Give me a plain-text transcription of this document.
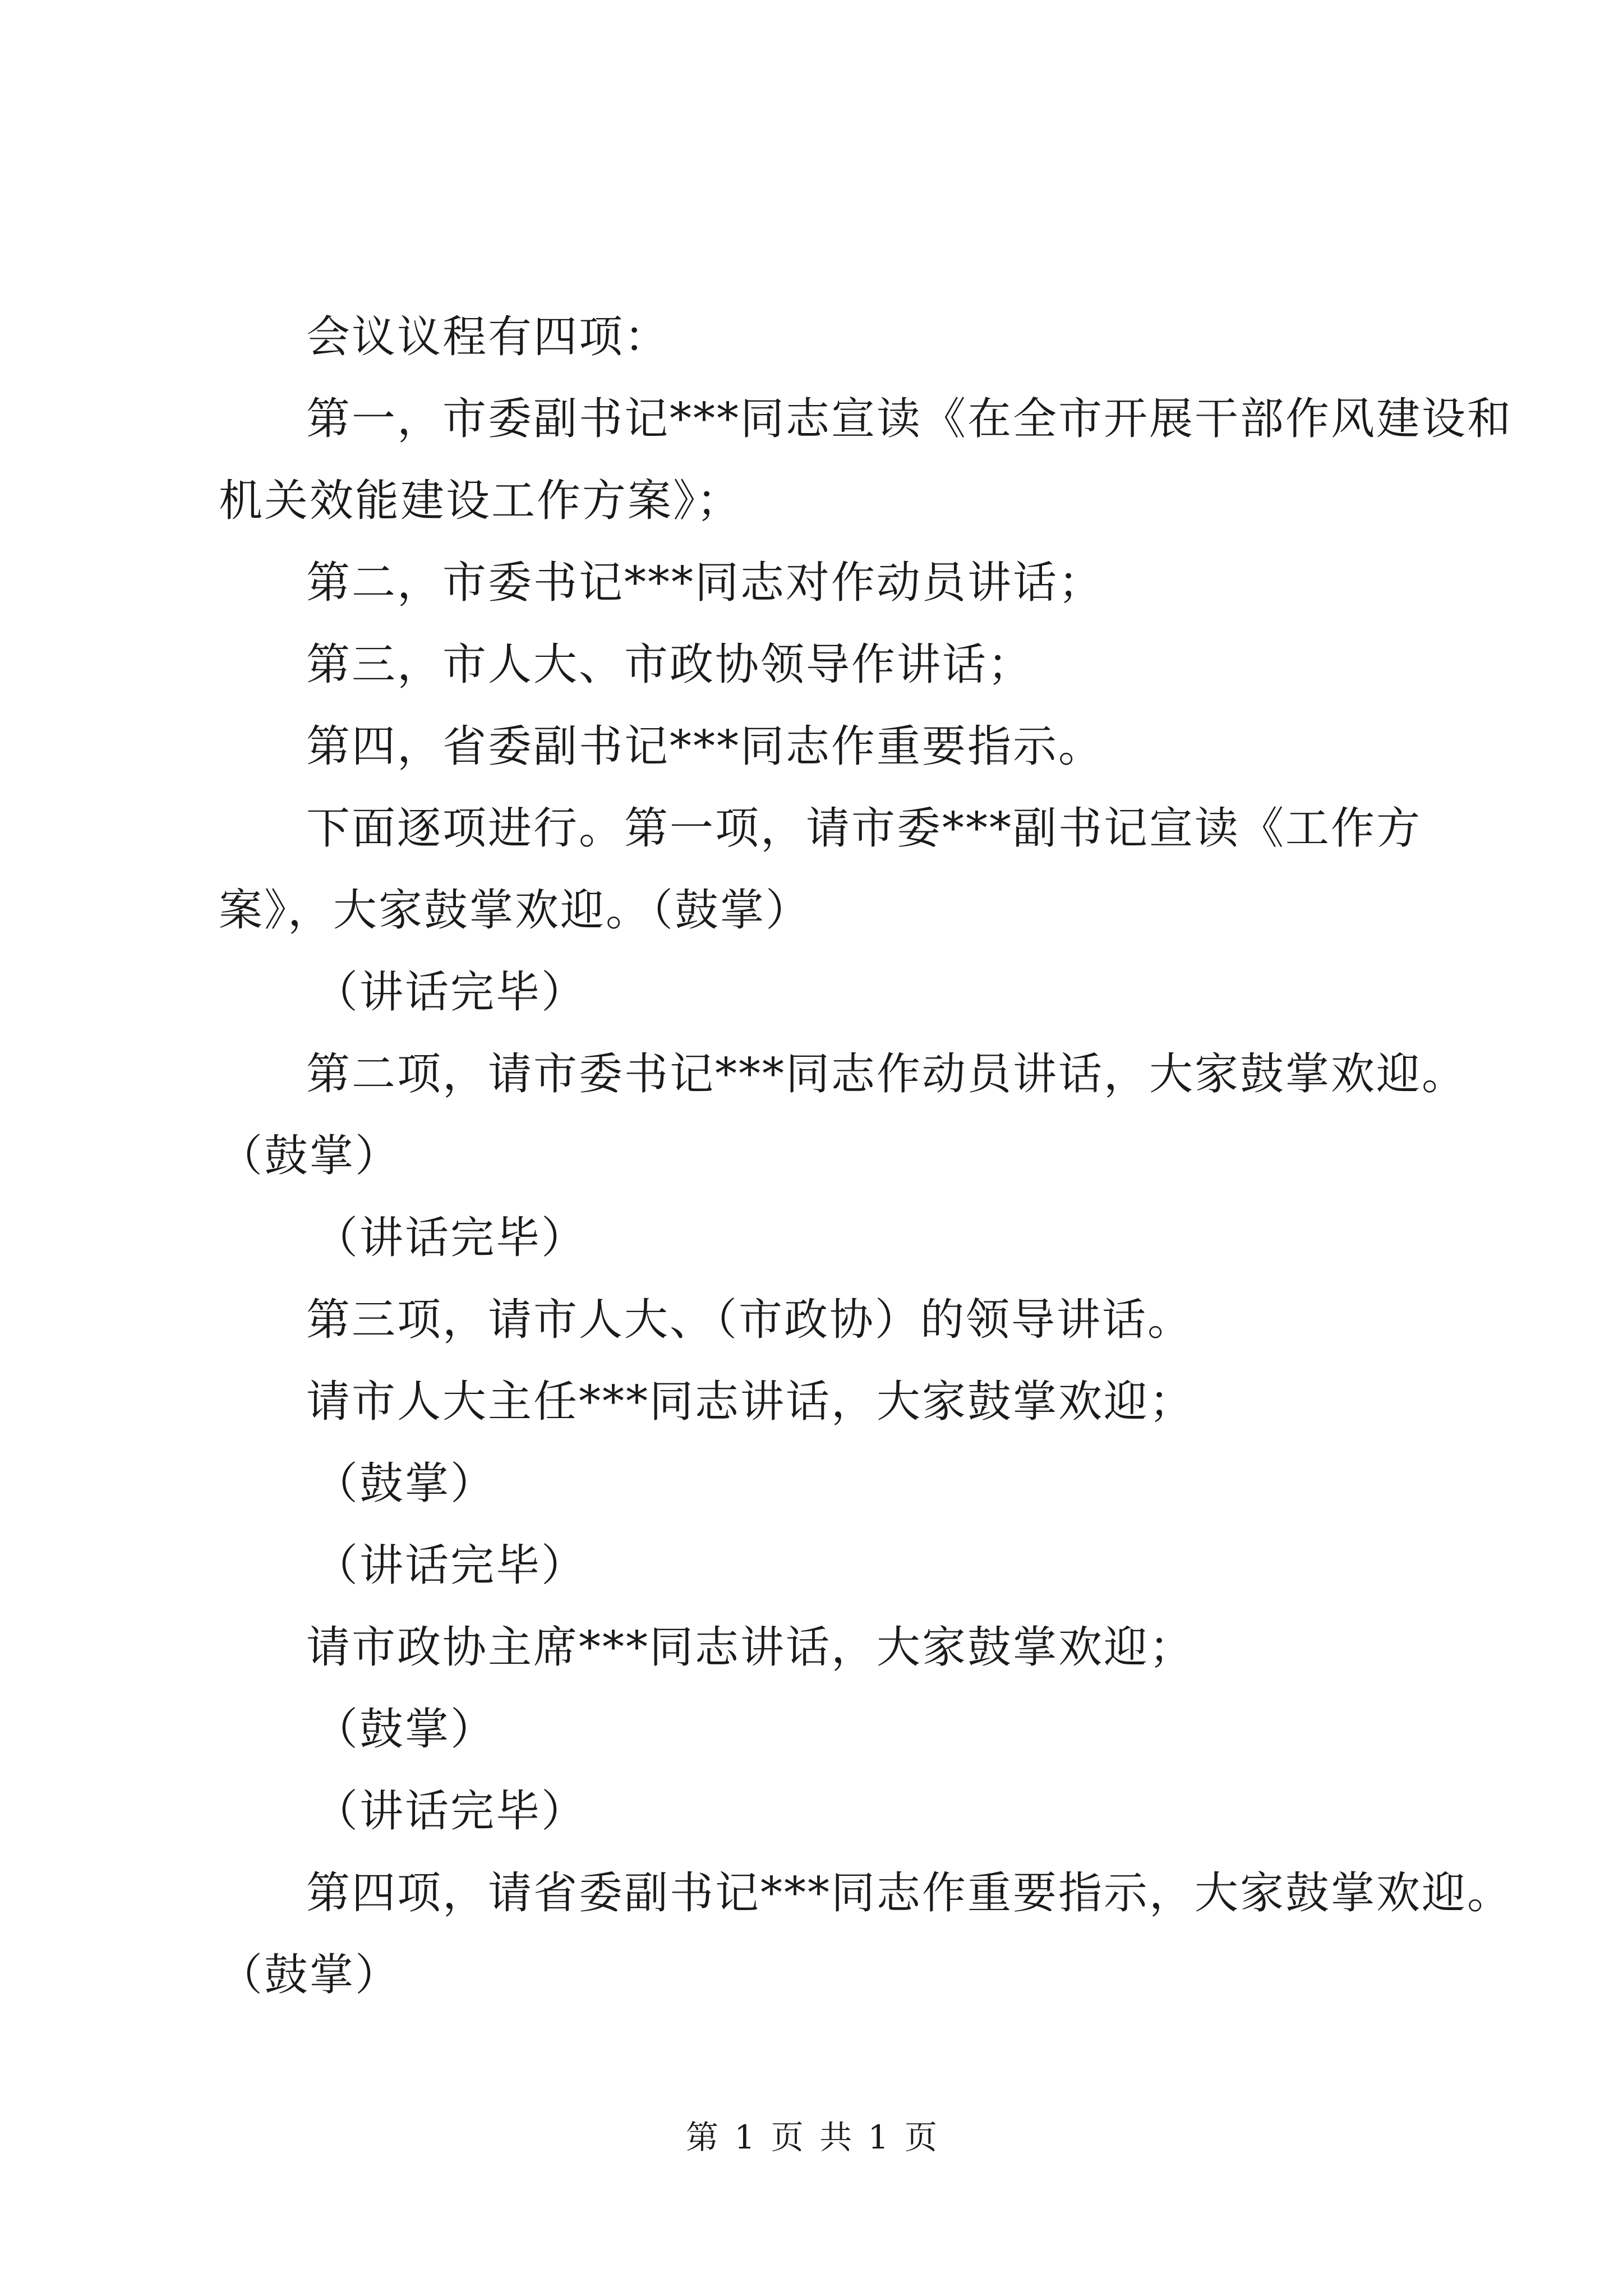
会议议程有四项：

第一，市委副书记***同志宣读《在全市开展干部作风建设和机关效能建设工作方案》；

第二，市委书记***同志对作动员讲话；

第三，市人大、市政协领导作讲话；

第四，省委副书记***同志作重要指示。

下面逐项进行。第一项，请市委***副书记宣读《工作方案》，大家鼓掌欢迎。（鼓掌）

（讲话完毕）

第二项，请市委书记***同志作动员讲话，大家鼓掌欢迎。（鼓掌）

（讲话完毕）

第三项，请市人大、（市政协）的领导讲话。

请市人大主任***同志讲话，大家鼓掌欢迎；

（鼓掌）

（讲话完毕）

请市政协主席***同志讲话，大家鼓掌欢迎；

（鼓掌）

（讲话完毕）

第四项，请省委副书记***同志作重要指示，大家鼓掌欢迎。（鼓掌）

第 1 页 共 1 页
